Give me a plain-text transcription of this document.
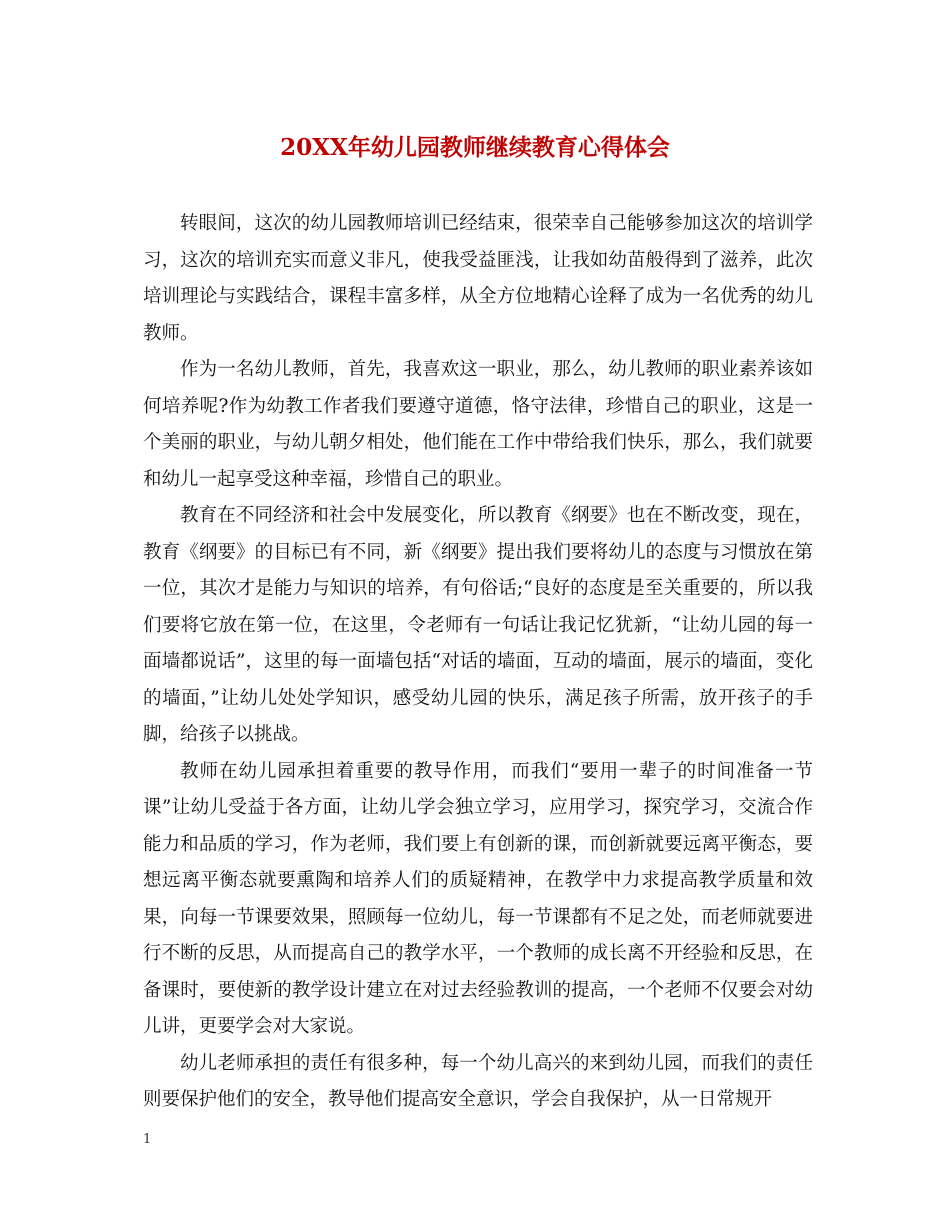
20XX年幼儿园教师继续教育心得体会

转眼间，这次的幼儿园教师培训已经结束，很荣幸自己能够参加这次的培训学习，这次的培训充实而意义非凡，使我受益匪浅，让我如幼苗般得到了滋养，此次培训理论与实践结合，课程丰富多样，从全方位地精心诠释了成为一名优秀的幼儿教师。

作为一名幼儿教师，首先，我喜欢这一职业，那么，幼儿教师的职业素养该如何培养呢?作为幼教工作者我们要遵守道德，恪守法律，珍惜自己的职业，这是一个美丽的职业，与幼儿朝夕相处，他们能在工作中带给我们快乐，那么，我们就要和幼儿一起享受这种幸福，珍惜自己的职业。

教育在不同经济和社会中发展变化，所以教育《纲要》也在不断改变，现在，教育《纲要》的目标已有不同，新《纲要》提出我们要将幼儿的态度与习惯放在第一位，其次才是能力与知识的培养，有句俗话;“良好的态度是至关重要的，所以我们要将它放在第一位，在这里，令老师有一句话让我记忆犹新，“让幼儿园的每一面墙都说话”，这里的每一面墙包括“对话的墙面，互动的墙面，展示的墙面，变化的墙面，”让幼儿处处学知识，感受幼儿园的快乐，满足孩子所需，放开孩子的手脚，给孩子以挑战。

教师在幼儿园承担着重要的教导作用，而我们“要用一辈子的时间准备一节课”让幼儿受益于各方面，让幼儿学会独立学习，应用学习，探究学习，交流合作能力和品质的学习，作为老师，我们要上有创新的课，而创新就要远离平衡态，要想远离平衡态就要熏陶和培养人们的质疑精神，在教学中力求提高教学质量和效果，向每一节课要效果，照顾每一位幼儿，每一节课都有不足之处，而老师就要进行不断的反思，从而提高自己的教学水平，一个教师的成长离不开经验和反思，在备课时，要使新的教学设计建立在对过去经验教训的提高，一个老师不仅要会对幼儿讲，更要学会对大家说。

幼儿老师承担的责任有很多种，每一个幼儿高兴的来到幼儿园，而我们的责任则要保护他们的安全，教导他们提高安全意识，学会自我保护，从一日常规开

1
